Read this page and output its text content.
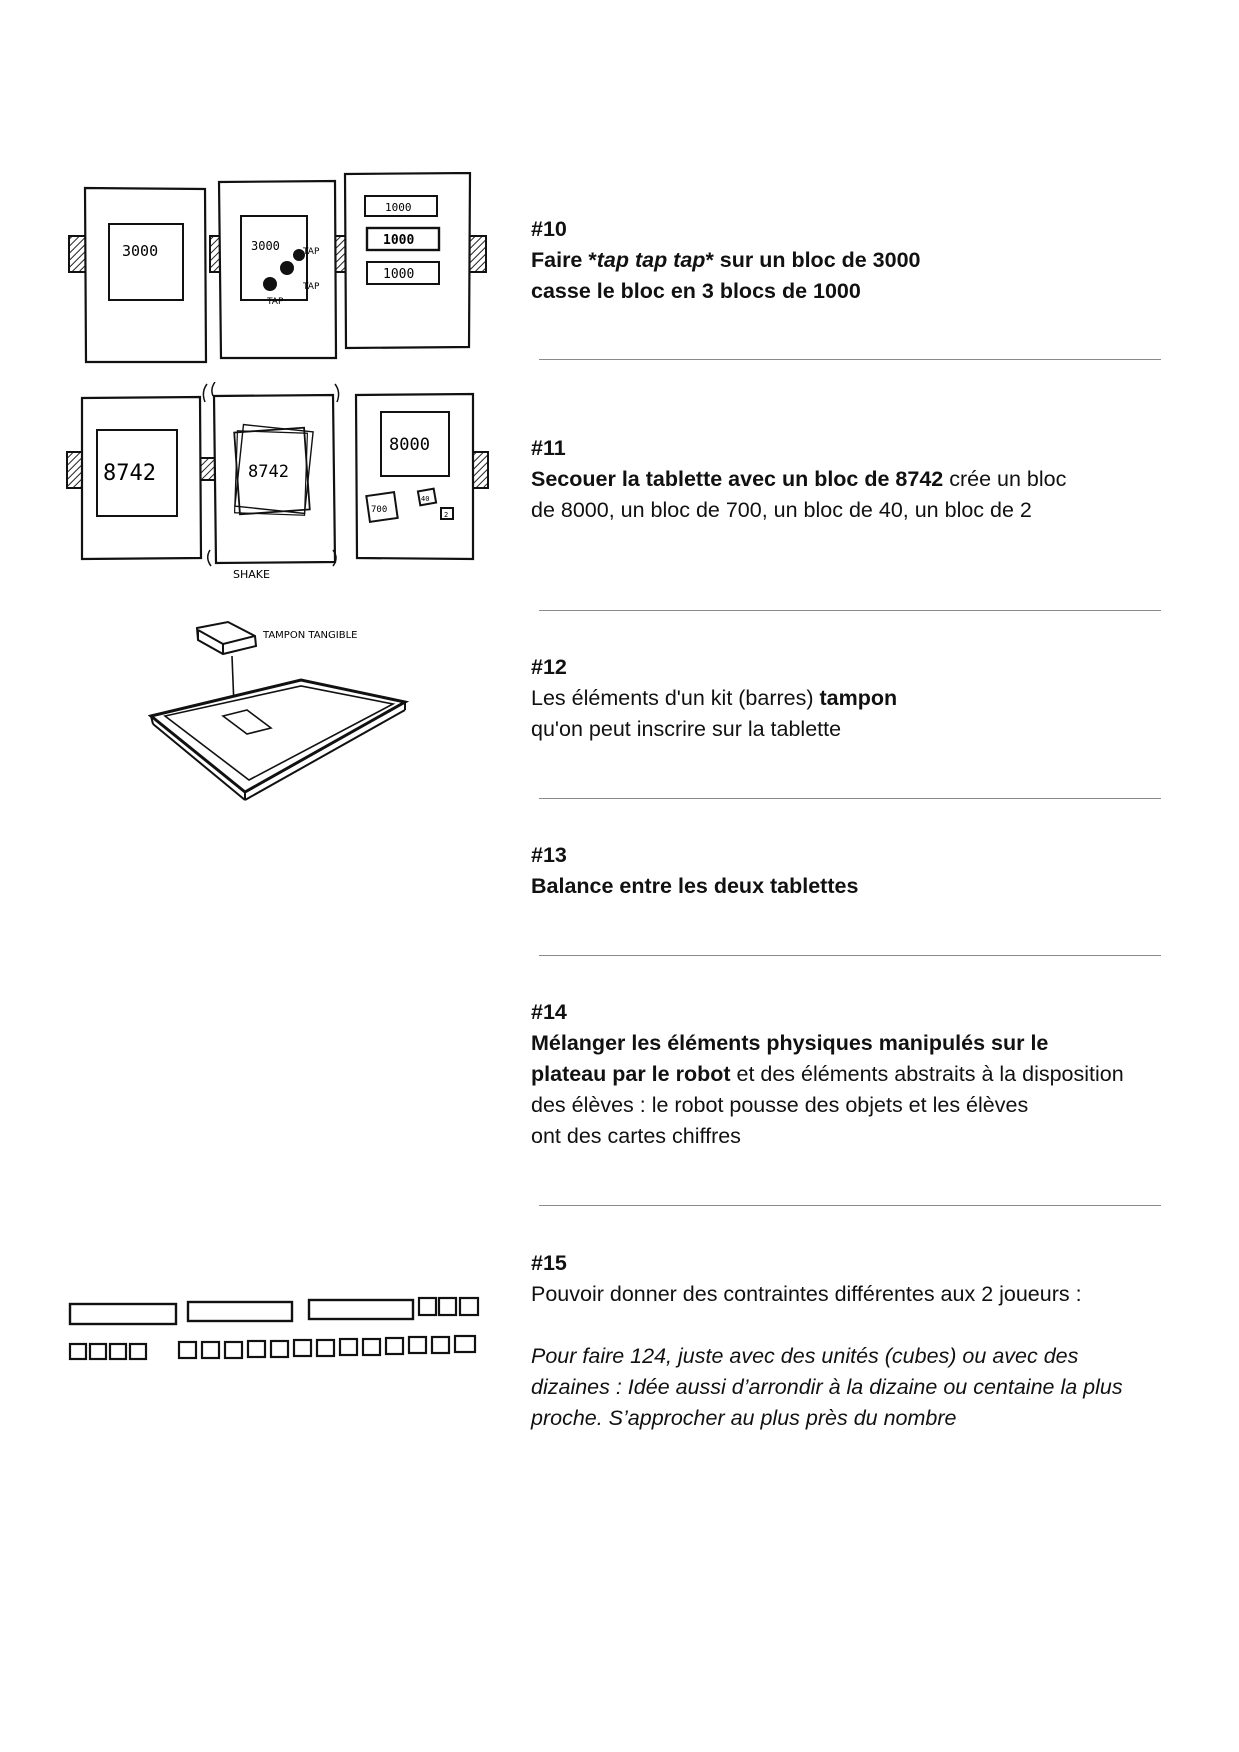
3000	3000	TAP
TAP
TAP
1000
1000
1000
8742	8742
SHAKE
8000
700
40
2
TAMPON TANGIBLE

#10

Faire *tap tap tap* sur un bloc de 3000

casse le bloc en 3 blocs de 1000

#11

Secouer la tablette avec un bloc de 8742 crée un bloc

de 8000, un bloc de 700, un bloc de 40, un bloc de 2

#12

Les éléments d'un kit (barres) tampon

qu'on peut inscrire sur la tablette

#13

Balance entre les deux tablettes

#14

Mélanger les éléments physiques manipulés sur le

plateau par le robot et des éléments abstraits à la disposition

des élèves : le robot pousse des objets et les élèves

ont des cartes chiffres

#15

Pouvoir donner des contraintes différentes aux 2 joueurs :

Pour faire 124, juste avec des unités (cubes) ou avec des

dizaines : Idée aussi d’arrondir à la dizaine ou centaine la plus

proche. S’approcher au plus près du nombre
